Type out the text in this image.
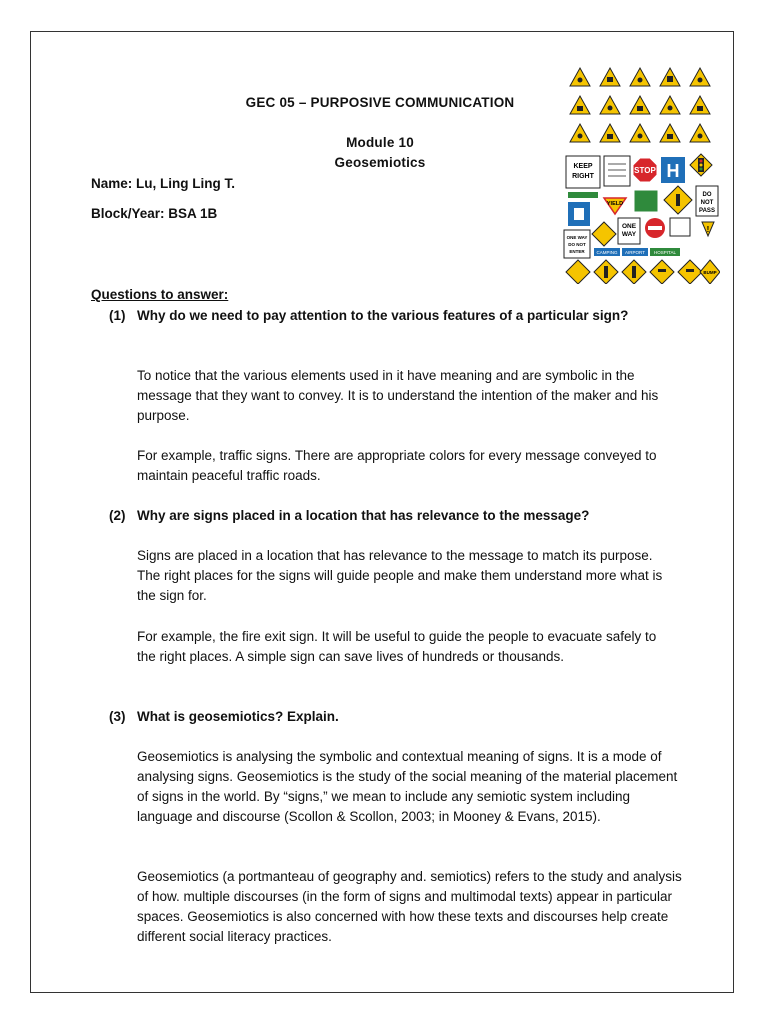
GEC 05 – PURPOSIVE COMMUNICATION
Module 10
Geosemiotics
Name: Lu, Ling Ling T.
Block/Year: BSA 1B
KEEP
RIGHT
STOP H
YIELD
DO
NOT
PASS
ONE
WAY
!
ONE WAY
DO NOT
ENTER	CAMPING AIRPORT HOSPITAL
BUMP
Questions to answer:
(1) Why do we need to pay attention to the various features of a particular sign?
To notice that the various elements used in it have meaning and are symbolic in the message that they want to convey. It is to understand the intention of the maker and his purpose.
For example, traffic signs. There are appropriate colors for every message conveyed to maintain peaceful traffic roads.
(2) Why are signs placed in a location that has relevance to the message?
Signs are placed in a location that has relevance to the message to match its purpose. The right places for the signs will guide people and make them understand more what is the sign for.
For example, the fire exit sign. It will be useful to guide the people to evacuate safely to the right places. A simple sign can save lives of hundreds or thousands.
(3) What is geosemiotics? Explain.
Geosemiotics is analysing the symbolic and contextual meaning of signs. It is a mode of analysing signs. Geosemiotics is the study of the social meaning of the material placement of signs in the world. By “signs,” we mean to include any semiotic system including language and discourse (Scollon & Scollon, 2003; in Mooney & Evans, 2015).
Geosemiotics (a portmanteau of geography and. semiotics) refers to the study and analysis of how. multiple discourses (in the form of signs and multimodal texts) appear in particular spaces. Geosemiotics is also concerned with how these texts and discourses help create different social literacy practices.
